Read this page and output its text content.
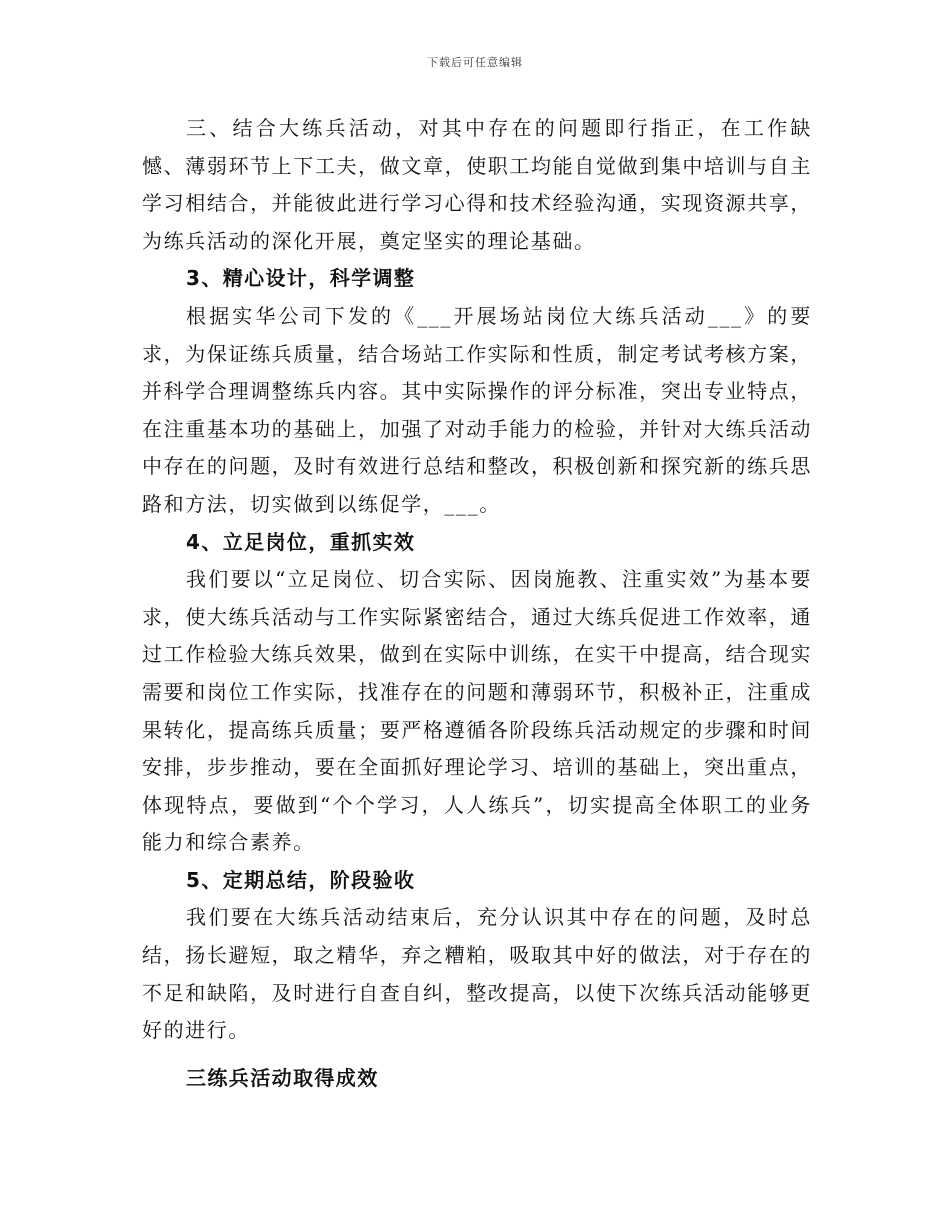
下载后可任意编辑

三、结合大练兵活动，对其中存在的问题即行指正，在工作缺憾、薄弱环节上下工夫，做文章，使职工均能自觉做到集中培训与自主学习相结合，并能彼此进行学习心得和技术经验沟通，实现资源共享，为练兵活动的深化开展，奠定坚实的理论基础。

3、精心设计，科学调整

根据实华公司下发的《___开展场站岗位大练兵活动___》的要求，为保证练兵质量，结合场站工作实际和性质，制定考试考核方案，并科学合理调整练兵内容。其中实际操作的评分标准，突出专业特点，在注重基本功的基础上，加强了对动手能力的检验，并针对大练兵活动中存在的问题，及时有效进行总结和整改，积极创新和探究新的练兵思路和方法，切实做到以练促学，___。

4、立足岗位，重抓实效

我们要以“立足岗位、切合实际、因岗施教、注重实效”为基本要求，使大练兵活动与工作实际紧密结合，通过大练兵促进工作效率，通过工作检验大练兵效果，做到在实际中训练，在实干中提高，结合现实需要和岗位工作实际，找准存在的问题和薄弱环节，积极补正，注重成果转化，提高练兵质量；要严格遵循各阶段练兵活动规定的步骤和时间安排，步步推动，要在全面抓好理论学习、培训的基础上，突出重点，体现特点，要做到“个个学习，人人练兵”，切实提高全体职工的业务能力和综合素养。

5、定期总结，阶段验收

我们要在大练兵活动结束后，充分认识其中存在的问题，及时总结，扬长避短，取之精华，弃之糟粕，吸取其中好的做法，对于存在的不足和缺陷，及时进行自查自纠，整改提高，以使下次练兵活动能够更好的进行。

三练兵活动取得成效
